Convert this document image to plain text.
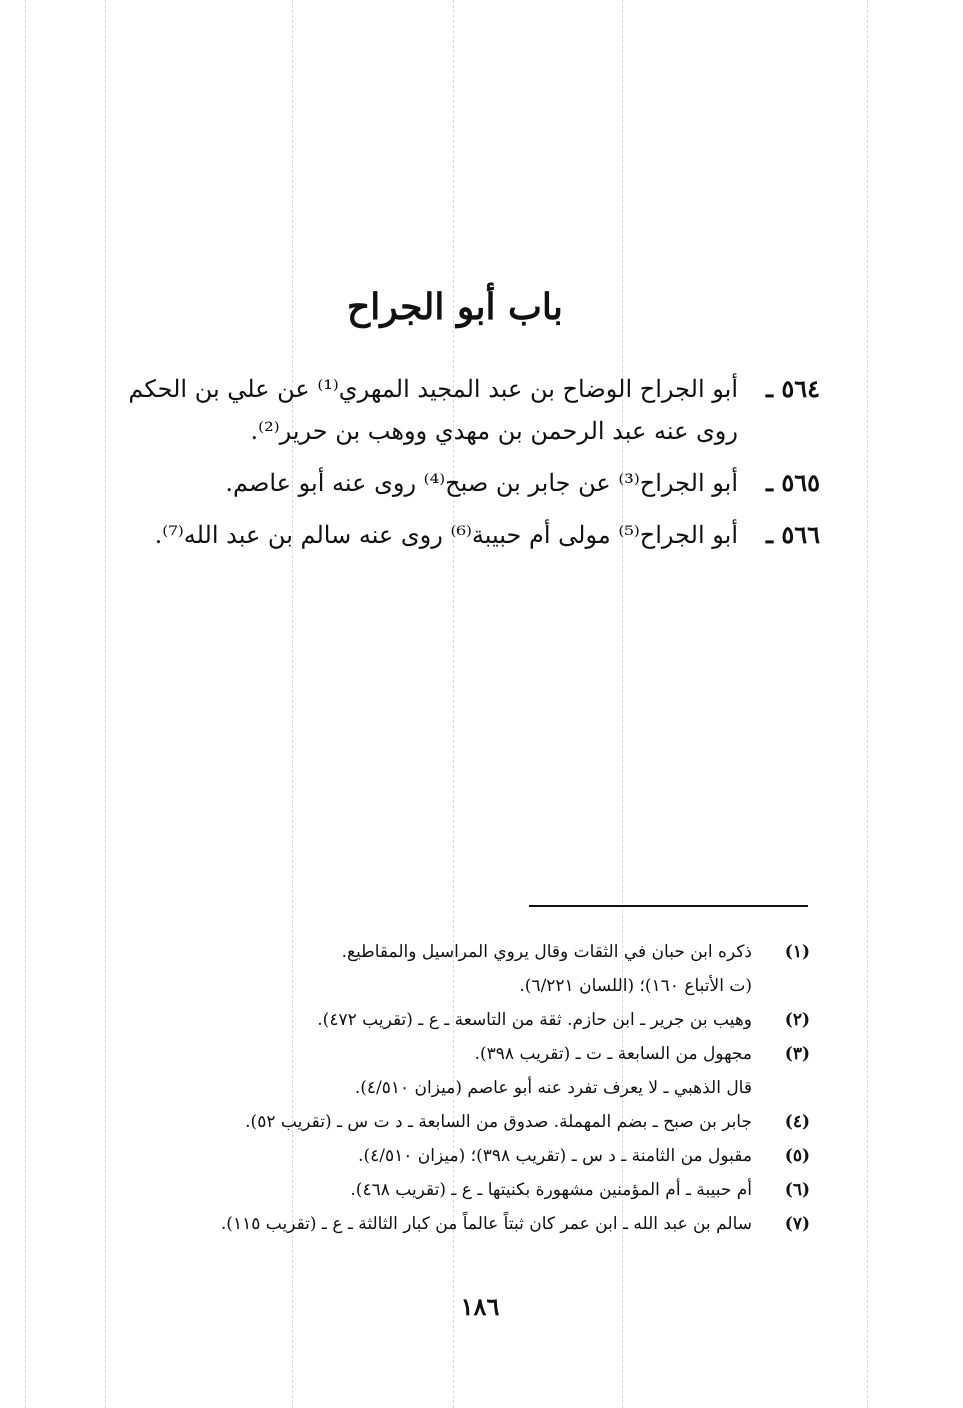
باب أبو الجراح
٥٦٤ ـ
أبو الجراح الوضاح بن عبد المجيد المهري⁽¹⁾ عن علي بن الحكم روى عنه عبد الرحمن بن مهدي ووهب بن حرير⁽²⁾.
٥٦٥ ـ
أبو الجراح⁽³⁾ عن جابر بن صبح⁽⁴⁾ روى عنه أبو عاصم.
٥٦٦ ـ
أبو الجراح⁽⁵⁾ مولى أم حبيبة⁽⁶⁾ روى عنه سالم بن عبد الله⁽⁷⁾.
(١)
ذكره ابن حبان في الثقات وقال يروي المراسيل والمقاطيع.
(ت الأتباع ١٦٠)؛ (اللسان ٦/٢٢١).
(٢)
وهيب بن جرير ـ ابن حازم. ثقة من التاسعة ـ ع ـ (تقريب ٤٧٢).
(٣)
مجهول من السابعة ـ ت ـ (تقريب ٣٩٨).
قال الذهبي ـ لا يعرف تفرد عنه أبو عاصم (ميزان ٤/٥١٠).
(٤)
جابر بن صبح ـ بضم المهملة. صدوق من السابعة ـ د ت س ـ (تقريب ٥٢).
(٥)
مقبول من الثامنة ـ د س ـ (تقريب ٣٩٨)؛ (ميزان ٤/٥١٠).
(٦)
أم حبيبة ـ أم المؤمنين مشهورة بكنيتها ـ ع ـ (تقريب ٤٦٨).
(٧)
سالم بن عبد الله ـ ابن عمر كان ثبتاً عالماً من كبار الثالثة ـ ع ـ (تقريب ١١٥).
١٨٦
